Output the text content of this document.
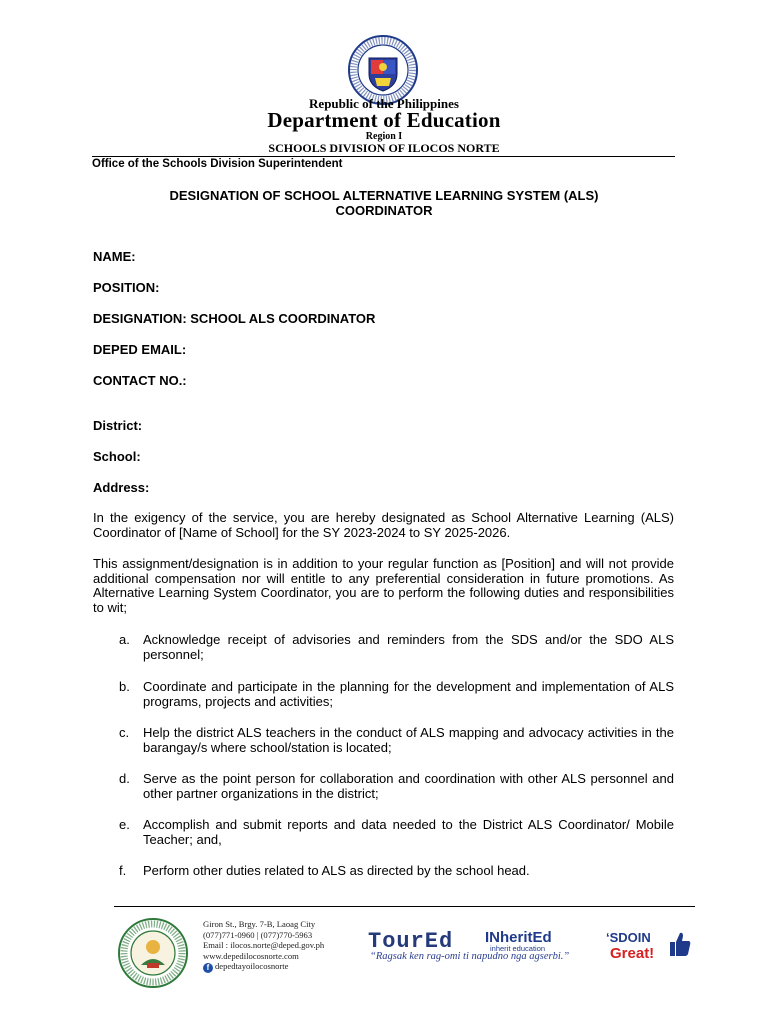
Republic of the Philippines
Department of Education
Region I
SCHOOLS DIVISION OF ILOCOS NORTE
Office of the Schools Division Superintendent
DESIGNATION OF SCHOOL ALTERNATIVE LEARNING SYSTEM (ALS)
COORDINATOR
NAME:
POSITION:
DESIGNATION: SCHOOL ALS COORDINATOR
DEPED EMAIL:
CONTACT NO.:
District:
School:
Address:
In the exigency of the service, you are hereby designated as School Alternative Learning (ALS) Coordinator of [Name of School] for the SY 2023-2024 to SY 2025-2026.
This assignment/designation is in addition to your regular function as [Position] and will not provide additional compensation nor will entitle to any preferential consideration in future promotions. As Alternative Learning System Coordinator, you are to perform the following duties and responsibilities to wit;
a. Acknowledge receipt of advisories and reminders from the SDS and/or the SDO ALS personnel;
b. Coordinate and participate in the planning for the development and implementation of ALS programs, projects and activities;
c. Help the district ALS teachers in the conduct of ALS mapping and advocacy activities in the barangay/s where school/station is located;
d. Serve as the point person for collaboration and coordination with other ALS personnel and other partner organizations in the district;
e. Accomplish and submit reports and data needed to the District ALS Coordinator/ Mobile Teacher; and,
f. Perform other duties related to ALS as directed by the school head.
Giron St., Brgy. 7-B, Laoag City
(077)771-0960 | (077)770-5963
Email : ilocos.norte@deped.gov.ph
www.depedilocosnorte.com
f depedtayoilocosnorte
TourEd INheritEd
inherit education
“Ragsak ken rag-omi ti napudno nga agserbi.”
‘SDOIN
Great!
